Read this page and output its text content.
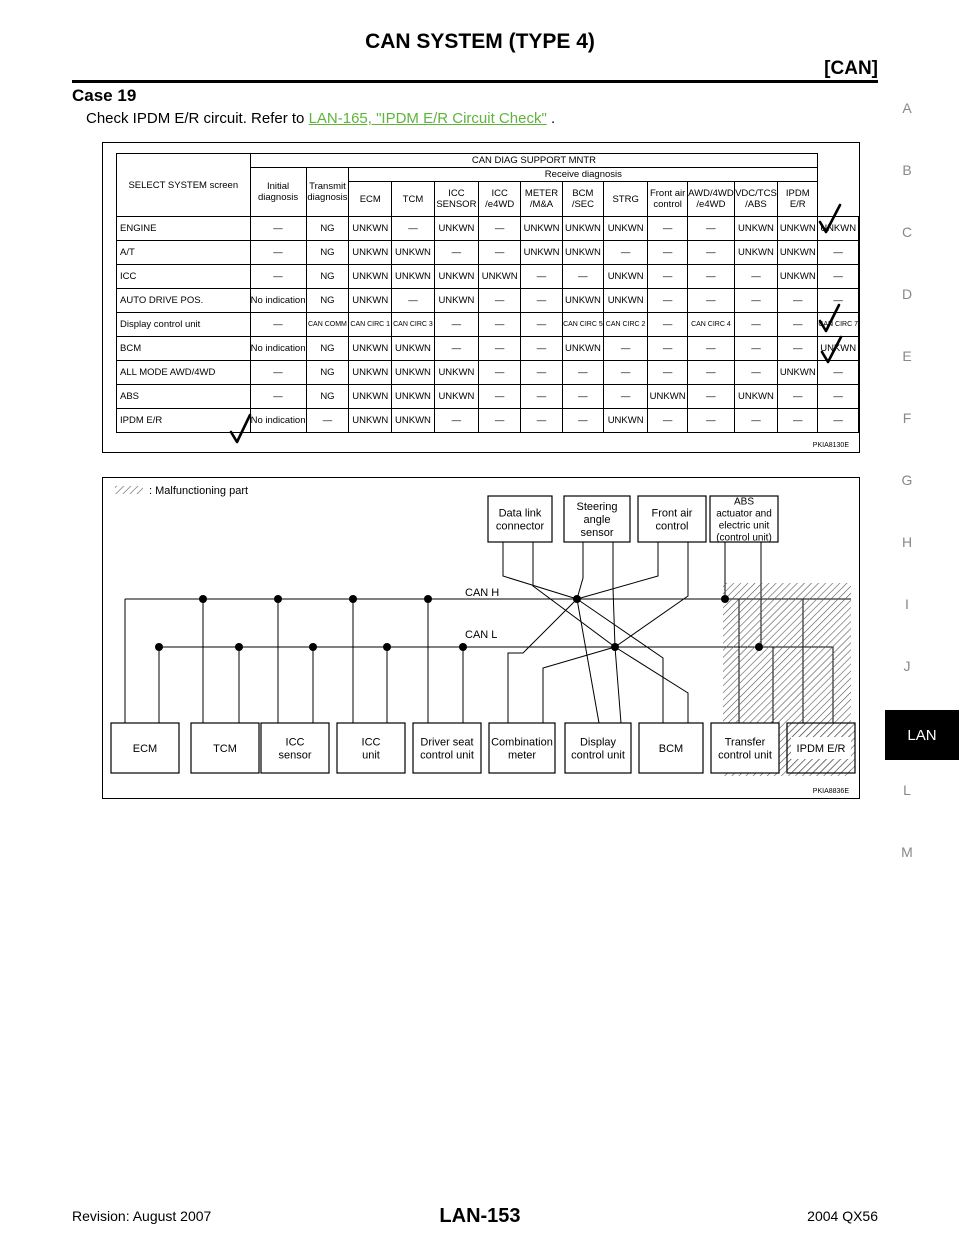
CAN SYSTEM (TYPE 4)
[CAN]
Case 19
Check IPDM E/R circuit. Refer to LAN-165, "IPDM E/R Circuit Check" .
A
B
C
D
E
F
G
H
I
J
LAN
L
M
SELECT SYSTEM screen	CAN DIAG SUPPORT MNTR													
	Initial diagnosis	Transmit diagnosis	Receive diagnosis											
			ECM	TCM	ICC SENSOR	ICC /e4WD	METER /M&A	BCM /SEC	STRG	Front air control	AWD/4WD /e4WD	VDC/TCS /ABS	IPDM E/R	
ENGINE	—	NG	UNKWN	—	UNKWN	—	UNKWN	UNKWN	UNKWN	—	—	UNKWN	UNKWN	UNKWN
A/T	—	NG	UNKWN	UNKWN	—	—	UNKWN	UNKWN	—	—	—	UNKWN	UNKWN	—
ICC	—	NG	UNKWN	UNKWN	UNKWN	UNKWN	—	—	UNKWN	—	—	—	UNKWN	—
AUTO DRIVE POS.	No indication	NG	UNKWN	—	UNKWN	—	—	UNKWN	UNKWN	—	—	—	—	—
Display control unit	—	CAN COMM	CAN CIRC 1	CAN CIRC 3	—	—	—	CAN CIRC 5	CAN CIRC 2	—	CAN CIRC 4	—	—	CAN CIRC 7
BCM	No indication	NG	UNKWN	UNKWN	—	—	—	UNKWN	—	—	—	—	—	UNKWN
ALL MODE AWD/4WD	—	NG	UNKWN	UNKWN	UNKWN	—	—	—	—	—	—	—	UNKWN	—
ABS	—	NG	UNKWN	UNKWN	UNKWN	—	—	—	—	UNKWN	—	UNKWN	—	—
IPDM E/R	No indication	—	UNKWN	UNKWN	—	—	—	—	UNKWN	—	—	—	—	—
PKIA8130E
: Malfunctioning part
Data link
connector
Steering
angle
sensor
Front air
control
ABS
actuator and
electric unit
(control unit)
ECM	TCM
ICC
sensor
ICC
unit
Driver seat
control unit
Combination
meter
Display
control unit
BCM
Transfer
control unit
IPDM E/R
CAN H
CAN L
PKIA8836E
LAN-153
Revision: August 2007	2004 QX56
